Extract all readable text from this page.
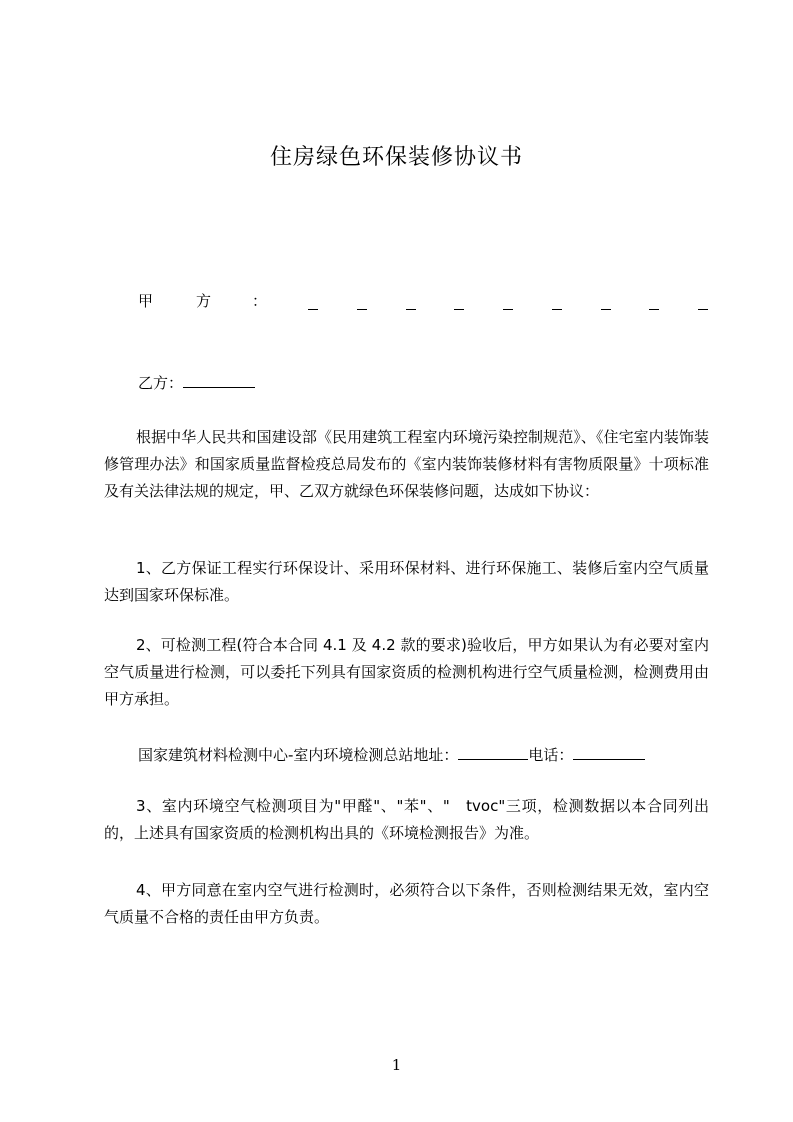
住房绿色环保装修协议书
甲	方	：
乙方：
根据中华人民共和国建设部《民用建筑工程室内环境污染控制规范》、《住宅室内装饰装修管理办法》和国家质量监督检疫总局发布的《室内装饰装修材料有害物质限量》十项标准及有关法律法规的规定，甲、乙双方就绿色环保装修问题，达成如下协议：
1、乙方保证工程实行环保设计、采用环保材料、进行环保施工、装修后室内空气质量达到国家环保标准。
2、可检测工程(符合本合同 4.1 及 4.2 款的要求)验收后，甲方如果认为有必要对室内空气质量进行检测，可以委托下列具有国家资质的检测机构进行空气质量检测，检测费用由甲方承担。
国家建筑材料检测中心-室内环境检测总站地址：	电话：
3、室内环境空气检测项目为"甲醛"、"苯"、"　tvoc"三项，检测数据以本合同列出的，上述具有国家资质的检测机构出具的《环境检测报告》为准。
4、甲方同意在室内空气进行检测时，必须符合以下条件，否则检测结果无效，室内空气质量不合格的责任由甲方负责。
1
